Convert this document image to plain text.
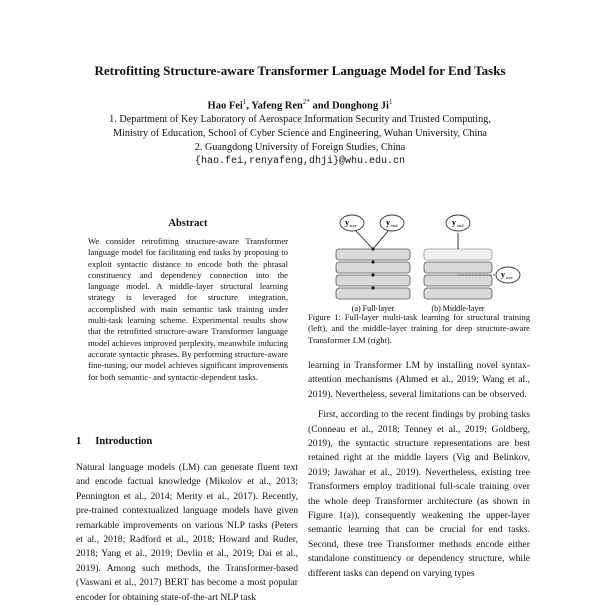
Retrofitting Structure-aware Transformer Language Model for End Tasks
Hao Fei$^1$, Yafeng Ren$^{2*}$ and Donghong Ji$^1$
1. Department of Key Laboratory of Aerospace Information Security and Trusted Computing,
Ministry of Education, School of Cyber Science and Engineering, Wuhan University, China
2. Guangdong University of Foreign Studies, China
{hao.fei,renyafeng,dhji}@whu.edu.cn
Abstract
We consider retrofitting structure-aware Transformer language model for facilitating end tasks by proposing to exploit syntactic distance to encode both the phrasal constituency and dependency connection into the language model. A middle-layer structural learning strategy is leveraged for structure integration, accomplished with main semantic task training under multi-task learning scheme. Experimental results show that the retrofitted structure-aware Transformer language model achieves improved perplexity, meanwhile inducing accurate syntactic phrases. By performing structure-aware fine-tuning, our model achieves significant improvements for both semantic- and syntactic-dependent tasks.
1 Introduction

Natural language models (LM) can generate fluent text and encode factual knowledge (Mikolov et al., 2013; Pennington et al., 2014; Merity et al., 2017). Recently, pre-trained contextualized language models have given remarkable improvements on various NLP tasks (Peters et al., 2018; Radford et al., 2018; Howard and Ruder, 2018; Yang et al., 2019; Devlin et al., 2019; Dai et al., 2019). Among such methods, the Transformer-based (Vaswani et al., 2017) BERT has become a most popular encoder for obtaining state-of-the-art NLP task

y tree	y end	y end
y tree
(a) Full-layer	(b) Middle-layer
Figure 1: Full-layer multi-task learning for structural training (left), and the middle-layer training for deep structure-aware Transformer LM (right).

learning in Transformer LM by installing novel syntax-attention mechanisms (Ahmed et al., 2019; Wang et al., 2019). Nevertheless, several limitations can be observed.

First, according to the recent findings by probing tasks (Conneau et al., 2018; Tenney et al., 2019; Goldberg, 2019), the syntactic structure representations are best retained right at the middle layers (Vig and Belinkov, 2019; Jawahar et al., 2019). Nevertheless, existing tree Transformers employ traditional full-scale training over the whole deep Transformer architecture (as shown in Figure 1(a)), consequently weakening the upper-layer semantic learning that can be crucial for end tasks. Second, these tree Transformer methods encode either standalone constituency or dependency structure, while different tasks can depend on varying types
